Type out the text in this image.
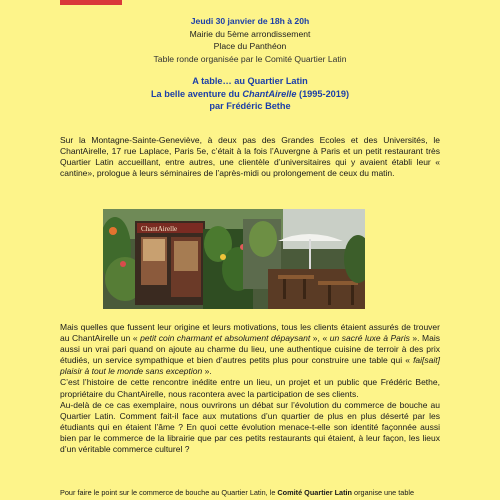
Jeudi 30 janvier de 18h à 20h
Mairie du 5ème arrondissement
Place du Panthéon
Table ronde organisée par le Comité Quartier Latin
A table… au Quartier Latin
La belle aventure du ChantAirelle (1995-2019)
par Frédéric Bethe

Sur la Montagne-Sainte-Geneviève, à deux pas des Grandes Ecoles et des Universités, le ChantAirelle, 17 rue Laplace, Paris 5e, c’était à la fois l’Auvergne à Paris et un petit restaurant très Quartier Latin accueillant, entre autres, une clientèle d’universitaires qui y avaient établi leur « cantine», prologue à leurs séminaires de l’après-midi ou prolongement de ceux du matin.

ChantAirelle

Mais quelles que fussent leur origine et leurs motivations, tous les clients étaient assurés de trouver au ChantAirelle un « petit coin charmant et absolument dépaysant », « un sacré luxe à Paris ». Mais aussi un vrai pari quand on ajoute au charme du lieu, une authentique cuisine de terroir à des prix étudiés, un service sympathique et bien d’autres petits plus pour construire une table qui « fai[sait] plaisir à tout le monde sans exception ».
C’est l’histoire de cette rencontre inédite entre un lieu, un projet et un public que Frédéric Bethe, propriétaire du ChantAirelle, nous racontera avec la participation de ses clients.
Au-delà de ce cas exemplaire, nous ouvrirons un débat sur l’évolution du commerce de bouche au Quartier Latin. Comment fait-il face aux mutations d’un quartier de plus en plus déserté par les étudiants qui en étaient l’âme ? En quoi cette évolution menace-t-elle son identité façonnée aussi bien par le commerce de la librairie que par ces petits restaurants qui étaient, à leur façon, les lieux d’un véritable commerce culturel ?

Pour faire le point sur le commerce de bouche au Quartier Latin, le Comité Quartier Latin organise une table
